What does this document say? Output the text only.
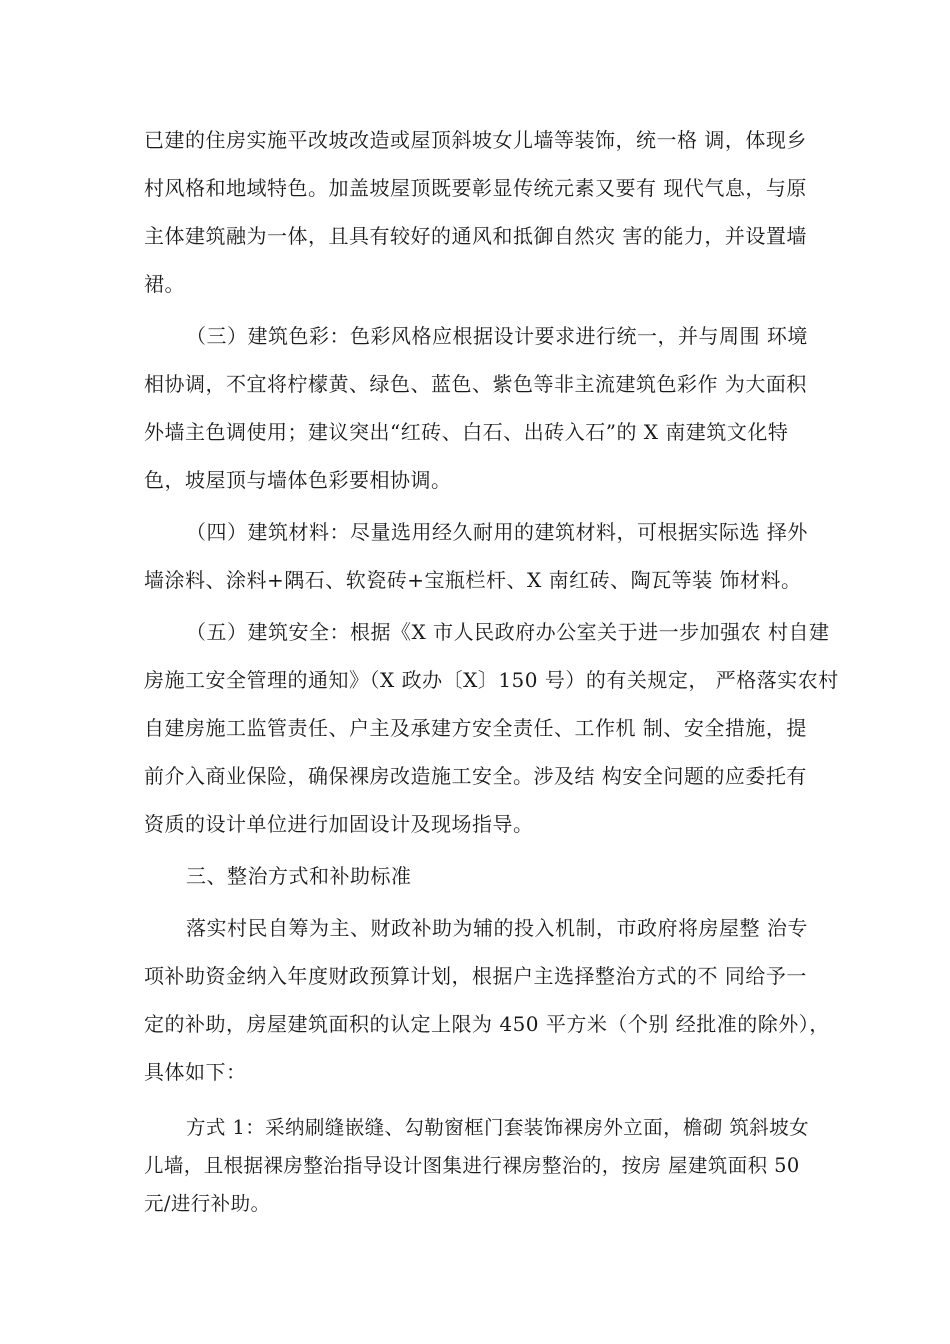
已建的住房实施平改坡改造或屋顶斜坡女儿墙等装饰，统一格 调，体现乡
村风格和地域特色。加盖坡屋顶既要彰显传统元素又要有 现代气息，与原
主体建筑融为一体，且具有较好的通风和抵御自然灾 害的能力，并设置墙
裙。
（三）建筑色彩：色彩风格应根据设计要求进行统一，并与周围 环境
相协调，不宜将柠檬黄、绿色、蓝色、紫色等非主流建筑色彩作 为大面积
外墙主色调使用；建议突出“红砖、白石、出砖入石”的 X 南建筑文化特
色，坡屋顶与墙体色彩要相协调。
（四）建筑材料：尽量选用经久耐用的建筑材料，可根据实际选 择外
墙涂料、涂料+隅石、软瓷砖+宝瓶栏杆、X 南红砖、陶瓦等装 饰材料。
（五）建筑安全：根据《X 市人民政府办公室关于进一步加强农 村自建
房施工安全管理的通知》（X 政办〔X〕150 号）的有关规定， 严格落实农村
自建房施工监管责任、户主及承建方安全责任、工作机 制、安全措施，提
前介入商业保险，确保裸房改造施工安全。涉及结 构安全问题的应委托有
资质的设计单位进行加固设计及现场指导。
三、整治方式和补助标准
落实村民自筹为主、财政补助为辅的投入机制，市政府将房屋整 治专
项补助资金纳入年度财政预算计划，根据户主选择整治方式的不 同给予一
定的补助，房屋建筑面积的认定上限为 450 平方米（个别 经批准的除外），
具体如下：
方式 1：采纳刷缝嵌缝、勾勒窗框门套装饰裸房外立面，檐砌 筑斜坡女
儿墙，且根据裸房整治指导设计图集进行裸房整治的，按房 屋建筑面积 50
元/进行补助。
